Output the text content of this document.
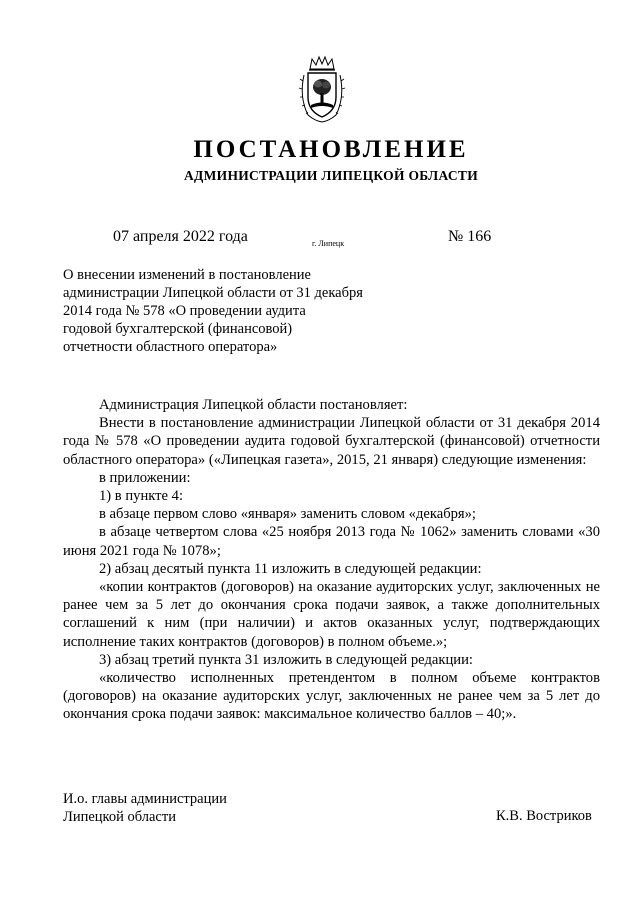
ПОСТАНОВЛЕНИЕ
АДМИНИСТРАЦИИ ЛИПЕЦКОЙ ОБЛАСТИ
07 апреля 2022 года	г. Липецк	№ 166
О внесении изменений в постановление
администрации Липецкой области от 31 декабря
2014 года № 578 «О проведении аудита
годовой бухгалтерской (финансовой)
отчетности областного оператора»

Администрация Липецкой области постановляет:

Внести в постановление администрации Липецкой области от 31 декабря 2014 года № 578 «О проведении аудита годовой бухгалтерской (финансовой) отчетности областного оператора» («Липецкая газета», 2015, 21 января) следующие изменения:

в приложении:

1) в пункте 4:

в абзаце первом слово «января» заменить словом «декабря»;

в абзаце четвертом слова «25 ноября 2013 года № 1062» заменить словами «30 июня 2021 года № 1078»;

2) абзац десятый пункта 11 изложить в следующей редакции:

«копии контрактов (договоров) на оказание аудиторских услуг, заключенных не ранее чем за 5 лет до окончания срока подачи заявок, а также дополнительных соглашений к ним (при наличии) и актов оказанных услуг, подтверждающих исполнение таких контрактов (договоров) в полном объеме.»;

3) абзац третий пункта 31 изложить в следующей редакции:

«количество исполненных претендентом в полном объеме контрактов (договоров) на оказание аудиторских услуг, заключенных не ранее чем за 5 лет до окончания срока подачи заявок: максимальное количество баллов – 40;».

И.о. главы администрации
Липецкой области	К.В. Востриков
